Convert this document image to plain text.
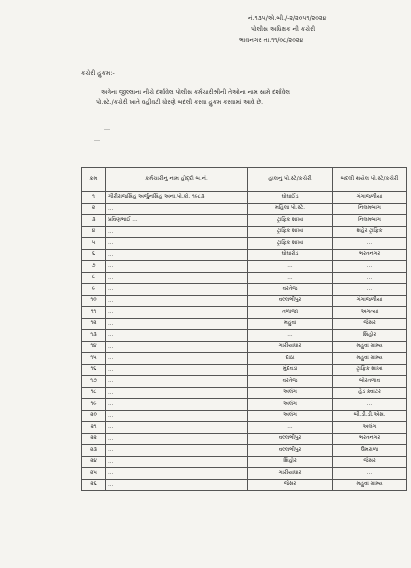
નં.૧૩૫/એ.બી./-૨/૨૦૫૧/૨૦૨૪
પોલીસ અધિક્ષક ની કચેરી
ભાવનગર તા.૧૧/૦૮/૨૦૨૪
કચેરી હુકમ:-
અત્રેના જીલ્લાના નીચે દર્શાવેલ પોલીસ કર્મચારીશ્રીની તેઓના નામ સામે દર્શાવેલ
પો.સ્ટે./કચેરી ખાતે વહીવટી ધોરણે બદલી કરવા હુકમ કરવામાં આવે છે.
…
…
ક્રમ	કર્મચારીનુ નામ હોદ્દો બ.નં.	હાલનુ પો.સ્ટે/કચેરી	બદલી થયેલ પો.સ્ટે/કચેરી
૧	ગીરીરાજસિંહ અર્જુનસિંહ અના.પો.કો. ૧૯૮૩	ઘોઘાઈંડ	ગંગાજળીયા
૨	…	મહિલા પો.સ્ટે.	નિલમબાગ
૩	પ્રવિણભાઈ …	ટ્રાફિક શાખા	નિલમબાગ
૪	…	ટ્રાફિક શાખા	શહેર ટ્રાફિક
૫	…	ટ્રાફિક શાખા	…
૬	…	ઘોઘારોડ	ભરતનગર
૭	…	…	…
૮	…	…	…
૯	…	વરતેજ	…
૧૦	…	વલ્લભીપુર	ગંગાજળીયા
૧૧	…	તળાજા	અગત્યા
૧૨	…	મહુવા	જેસર
૧૩	…	…	શિહોર
૧૪	…	ગારીયાધાર	મહુવા ગ્રામ્ય
૧૫	…	દાઠા	મહુવા ગ્રામ્ય
૧૬	…	મુંદવડા	ટ્રાફિક શાખા
૧૭	…	વરતેજ	બોરતળાવ
૧૮	…	અલંગ	હેડ ક્વાટર
૧૯	…	અલંગ	…
૨૦	…	અલંગ	બી.ડી.ડી.એસ.
૨૧	…	…	અલંગ
૨૨	…	વલ્લભીપુર	ભરતનગર
૨૩	…	વલ્લભીપુર	ઉમરાળા
૨૪	…	શિહોર	જેસર
૨૫	…	ગારીયાધાર	…
૨૬	…	જેસર	મહુવા ગ્રામ્ય
